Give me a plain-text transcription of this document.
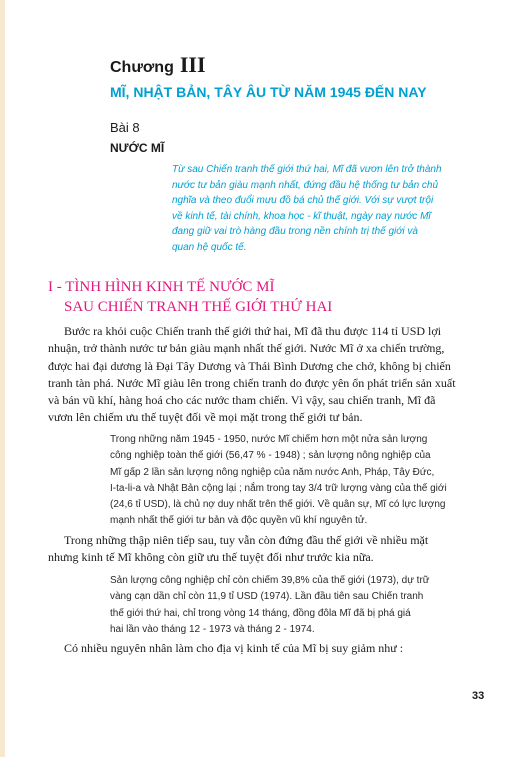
Chương III
MĨ, NHẬT BẢN, TÂY ÂU TỪ NĂM 1945 ĐẾN NAY
Bài 8
NƯỚC MĨ
Từ sau Chiến tranh thế giới thứ hai, Mĩ đã vươn lên trở thành
nước tư bản giàu mạnh nhất, đứng đầu hệ thống tư bản chủ
nghĩa và theo đuổi mưu đồ bá chủ thế giới. Với sự vượt trội
về kinh tế, tài chính, khoa học - kĩ thuật, ngày nay nước Mĩ
đang giữ vai trò hàng đầu trong nền chính trị thế giới và
quan hệ quốc tế.
I - TÌNH HÌNH KINH TẾ NƯỚC MĨ
SAU CHIẾN TRANH THẾ GIỚI THỨ HAI
Bước ra khỏi cuộc Chiến tranh thế giới thứ hai, Mĩ đã thu được 114 tỉ USD lợi
nhuận, trở thành nước tư bản giàu mạnh nhất thế giới. Nước Mĩ ở xa chiến trường,
được hai đại dương là Đại Tây Dương và Thái Bình Dương che chở, không bị chiến
tranh tàn phá. Nước Mĩ giàu lên trong chiến tranh do được yên ổn phát triển sản xuất
và bán vũ khí, hàng hoá cho các nước tham chiến. Vì vậy, sau chiến tranh, Mĩ đã
vươn lên chiếm ưu thế tuyệt đối về mọi mặt trong thế giới tư bản.
Trong những năm 1945 - 1950, nước Mĩ chiếm hơn một nửa sản lượng
công nghiệp toàn thế giới (56,47 % - 1948) ; sản lượng nông nghiệp của
Mĩ gấp 2 lần sản lượng nông nghiệp của năm nước Anh, Pháp, Tây Đức,
I-ta-li-a và Nhật Bản cộng lại ; nắm trong tay 3/4 trữ lượng vàng của thế giới
(24,6 tỉ USD), là chủ nợ duy nhất trên thế giới. Về quân sự, Mĩ có lực lượng
mạnh nhất thế giới tư bản và độc quyền vũ khí nguyên tử.
Trong những thập niên tiếp sau, tuy vẫn còn đứng đầu thế giới về nhiều mặt
nhưng kinh tế Mĩ không còn giữ ưu thế tuyệt đối như trước kia nữa.
Sản lượng công nghiệp chỉ còn chiếm 39,8% của thế giới (1973), dự trữ
vàng cạn dần chỉ còn 11,9 tỉ USD (1974). Lần đầu tiên sau Chiến tranh
thế giới thứ hai, chỉ trong vòng 14 tháng, đồng đôla Mĩ đã bị phá giá
hai lần vào tháng 12 - 1973 và tháng 2 - 1974.
Có nhiều nguyên nhân làm cho địa vị kinh tế của Mĩ bị suy giảm như :
33
